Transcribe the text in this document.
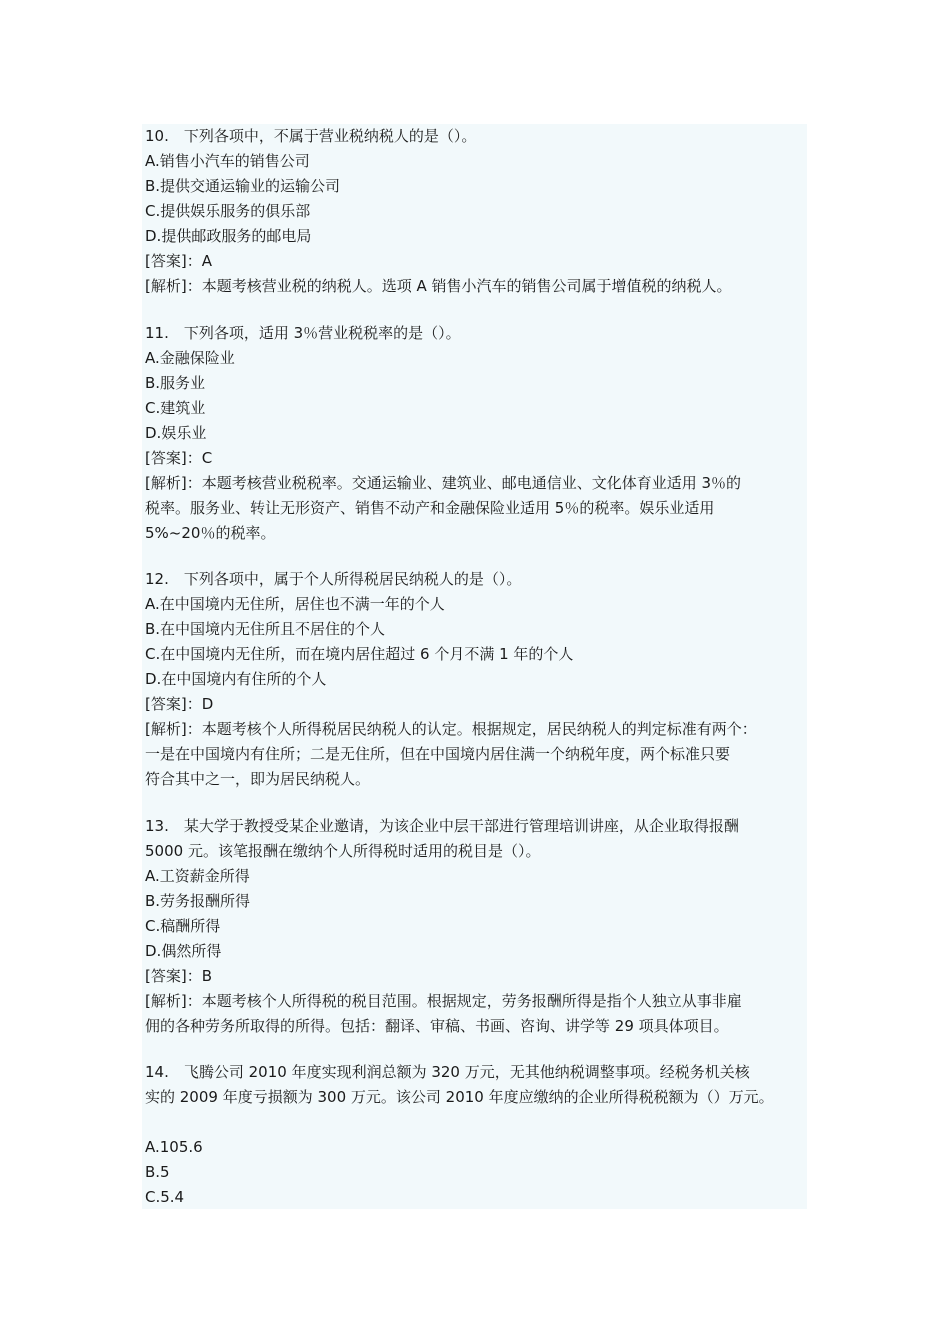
10.　下列各项中，不属于营业税纳税人的是（）。
A.销售小汽车的销售公司
B.提供交通运输业的运输公司
C.提供娱乐服务的俱乐部
D.提供邮政服务的邮电局
[答案]：A
[解析]：本题考核营业税的纳税人。选项 A 销售小汽车的销售公司属于增值税的纳税人。
11.　下列各项，适用 3％营业税税率的是（）。
A.金融保险业
B.服务业
C.建筑业
D.娱乐业
[答案]：C
[解析]：本题考核营业税税率。交通运输业、建筑业、邮电通信业、文化体育业适用 3％的
税率。服务业、转让无形资产、销售不动产和金融保险业适用 5％的税率。娱乐业适用
5%~20％的税率。
12.　下列各项中，属于个人所得税居民纳税人的是（）。
A.在中国境内无住所，居住也不满一年的个人
B.在中国境内无住所且不居住的个人
C.在中国境内无住所，而在境内居住超过 6 个月不满 1 年的个人
D.在中国境内有住所的个人
[答案]：D
[解析]：本题考核个人所得税居民纳税人的认定。根据规定，居民纳税人的判定标准有两个：
一是在中国境内有住所；二是无住所，但在中国境内居住满一个纳税年度，两个标准只要
符合其中之一，即为居民纳税人。
13.　某大学于教授受某企业邀请，为该企业中层干部进行管理培训讲座，从企业取得报酬
5000 元。该笔报酬在缴纳个人所得税时适用的税目是（）。
A.工资薪金所得
B.劳务报酬所得
C.稿酬所得
D.偶然所得
[答案]：B
[解析]：本题考核个人所得税的税目范围。根据规定，劳务报酬所得是指个人独立从事非雇
佣的各种劳务所取得的所得。包括：翻译、审稿、书画、咨询、讲学等 29 项具体项目。
14.　飞腾公司 2010 年度实现利润总额为 320 万元，无其他纳税调整事项。经税务机关核
实的 2009 年度亏损额为 300 万元。该公司 2010 年度应缴纳的企业所得税税额为（）万元。
A.105.6
B.5
C.5.4
